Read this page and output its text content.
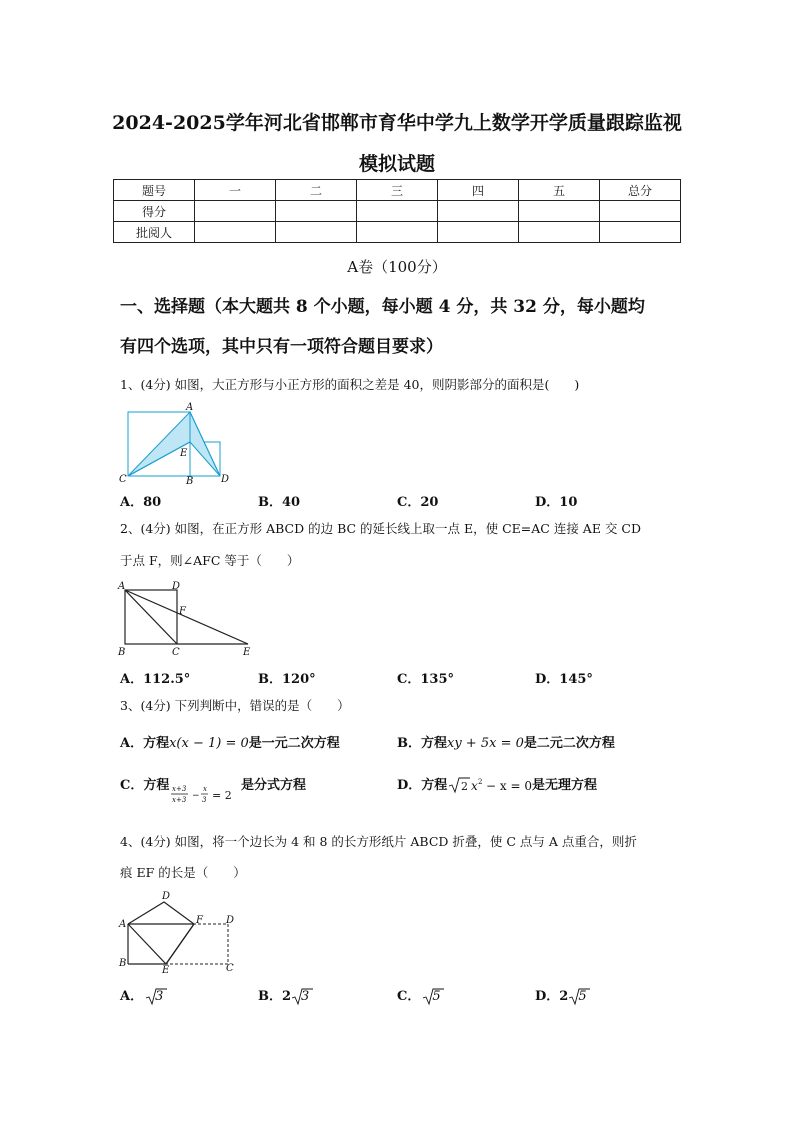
2024-2025学年河北省邯郸市育华中学九上数学开学质量跟踪监视
模拟试题
题号	一	二	三	四	五	总分
得分						
批阅人						
A卷（100分）
一、选择题（本大题共 8 个小题，每小题 4 分，共 32 分，每小题均
有四个选项，其中只有一项符合题目要求）
1、(4分) 如图，大正方形与小正方形的面积之差是 40，则阴影部分的面积是(　　)
A
E
C	B	D
A．80	B．40	C．20	D．10
2、(4分) 如图，在正方形 ABCD 的边 BC 的延长线上取一点 E，使 CE=AC 连接 AE 交 CD
于点 F，则∠AFC 等于（　　）
A	D
F
B	C	E
A．112.5°	B．120°	C．135°	D．145°
3、(4分) 下列判断中，错误的是（　　）
A．方程x(x − 1) = 0是一元二次方程	B．方程xy + 5x = 0是二元二次方程
C．方程 x+3
x+3 −
x
3 = 2
是分式方程	D．方程 2 x 2 − x = 0 是无理方程
4、(4分) 如图，将一个边长为 4 和 8 的长方形纸片 ABCD 折叠，使 C 点与 A 点重合，则折
痕 EF 的长是（　　）
D
A	F D
B
E	C
A． 3	B．2 3	C． 5	D．2 5
